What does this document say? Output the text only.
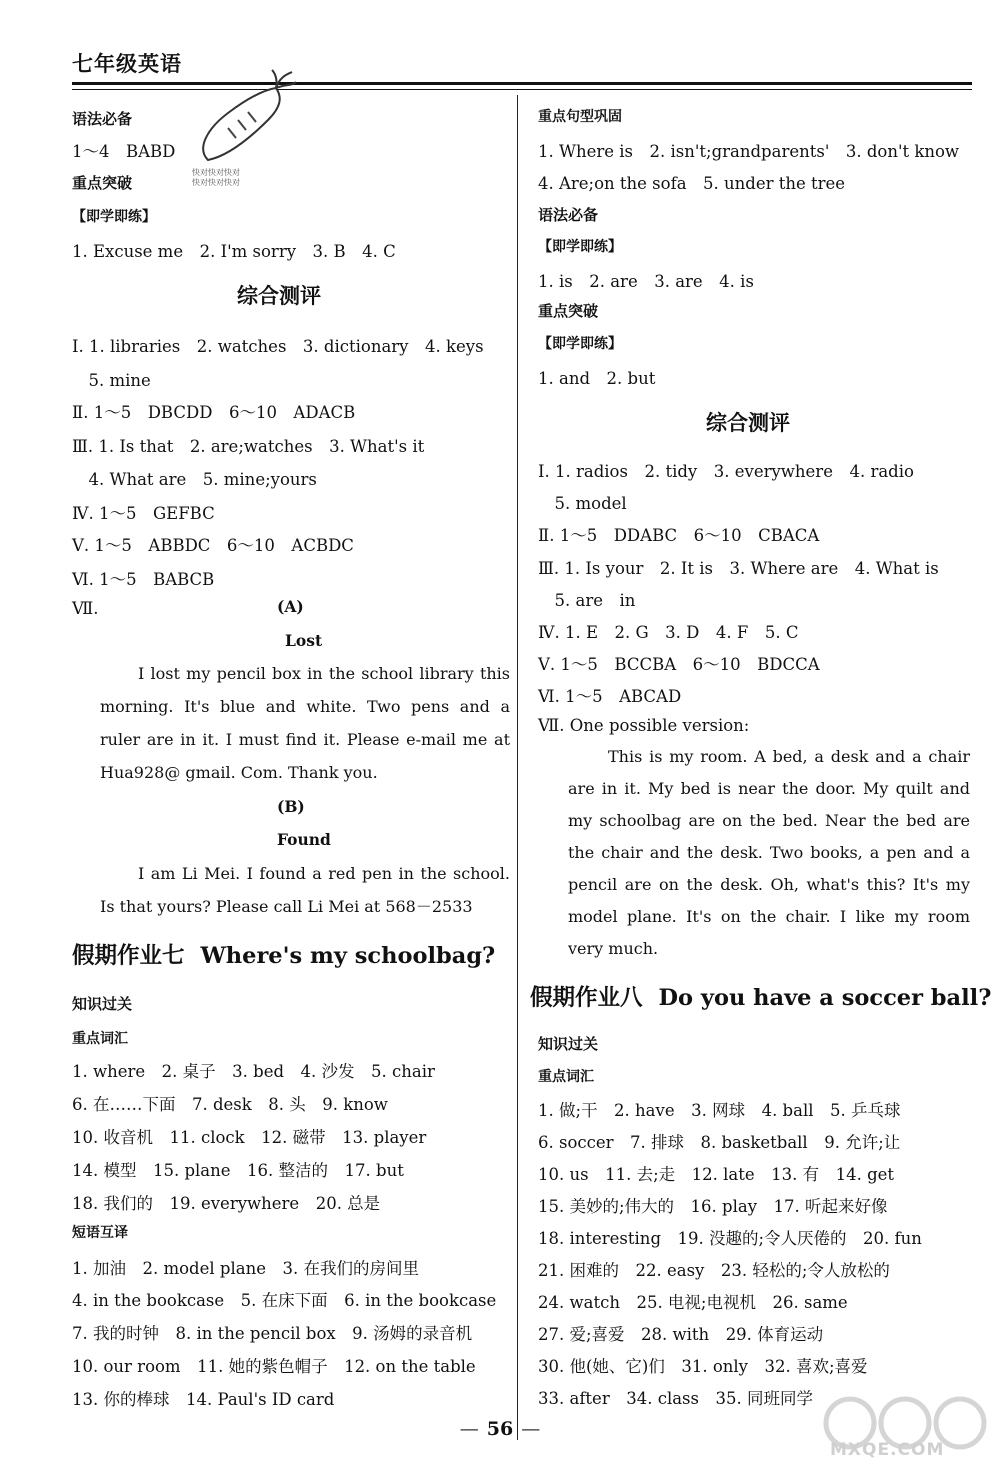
七年级英语
快对快对快对
快对快对快对
综合测评
(A)
Lost
I lost my pencil box in the school library this morning. It's blue and white. Two pens and a ruler are in it. I must find it. Please e-mail me at Hua928@ gmail. Com. Thank you.
(B)
Found
I am Li Mei. I found a red pen in the school. Is that yours? Please call Li Mei at 568－2533
假期作业七 Where's my schoolbag?
语法必备
1～4　BABD
重点突破
【即学即练】
1. Excuse me　2. I'm sorry　3. B　4. C
Ⅰ. 1. libraries　2. watches　3. dictionary　4. keys
　5. mine
Ⅱ. 1～5　DBCDD　6～10　ADACB
Ⅲ. 1. Is that　2. are;watches　3. What's it
　4. What are　5. mine;yours
Ⅳ. 1～5　GEFBC
Ⅴ. 1～5　ABBDC　6～10　ACBDC
Ⅵ. 1～5　BABCB
Ⅶ.
知识过关
重点词汇
1. where　2. 桌子　3. bed　4. 沙发　5. chair
6. 在……下面　7. desk　8. 头　9. know
10. 收音机　11. clock　12. 磁带　13. player
14. 模型　15. plane　16. 整洁的　17. but
18. 我们的　19. everywhere　20. 总是
短语互译
1. 加油　2. model plane　3. 在我们的房间里
4. in the bookcase　5. 在床下面　6. in the bookcase
7. 我的时钟　8. in the pencil box　9. 汤姆的录音机
10. our room　11. 她的紫色帽子　12. on the table
13. 你的棒球　14. Paul's ID card
综合测评
This is my room. A bed, a desk and a chair are in it. My bed is near the door. My quilt and my schoolbag are on the bed. Near the bed are the chair and the desk. Two books, a pen and a pencil are on the desk. Oh, what's this? It's my model plane. It's on the chair. I like my room very much.
假期作业八 Do you have a soccer ball?
重点句型巩固
1. Where is　2. isn't;grandparents'　3. don't know
4. Are;on the sofa　5. under the tree
语法必备
【即学即练】
1. is　2. are　3. are　4. is
重点突破
【即学即练】
1. and　2. but
Ⅰ. 1. radios　2. tidy　3. everywhere　4. radio
　5. model
Ⅱ. 1～5　DDABC　6～10　CBACA
Ⅲ. 1. Is your　2. It is　3. Where are　4. What is
　5. are　in
Ⅳ. 1. E　2. G　3. D　4. F　5. C
Ⅴ. 1～5　BCCBA　6～10　BDCCA
Ⅵ. 1～5　ABCAD
Ⅶ. One possible version:
知识过关
重点词汇
1. 做;干　2. have　3. 网球　4. ball　5. 乒乓球
6. soccer　7. 排球　8. basketball　9. 允许;让
10. us　11. 去;走　12. late　13. 有　14. get
15. 美妙的;伟大的　16. play　17. 听起来好像
18. interesting　19. 没趣的;令人厌倦的　20. fun
21. 困难的　22. easy　23. 轻松的;令人放松的
24. watch　25. 电视;电视机　26. same
27. 爱;喜爱　28. with　29. 体育运动
30. 他(她、它)们　31. only　32. 喜欢;喜爱
33. after　34. class　35. 同班同学
— 56 —
MXQE.COM
